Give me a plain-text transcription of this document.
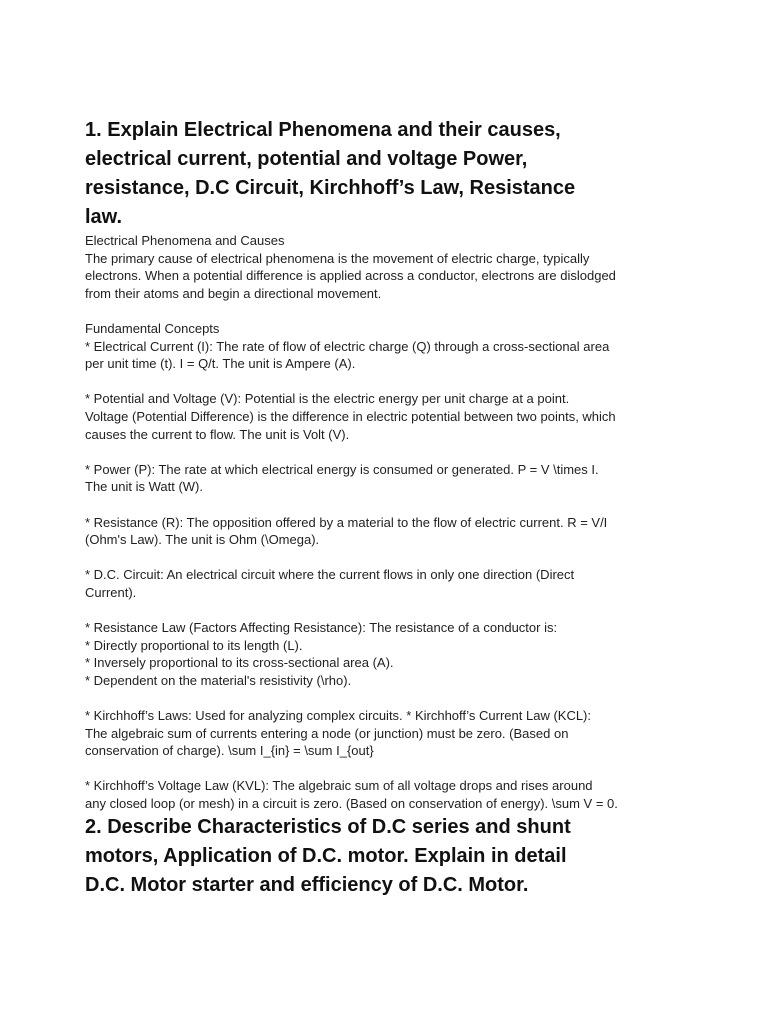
1. Explain Electrical Phenomena and their causes,
electrical current, potential and voltage Power,
resistance, D.C Circuit, Kirchhoff’s Law, Resistance
law.

Electrical Phenomena and Causes
The primary cause of electrical phenomena is the movement of electric charge, typically
electrons. When a potential difference is applied across a conductor, electrons are dislodged
from their atoms and begin a directional movement.

Fundamental Concepts
* Electrical Current (I): The rate of flow of electric charge (Q) through a cross-sectional area
per unit time (t). I = Q/t. The unit is Ampere (A).

* Potential and Voltage (V): Potential is the electric energy per unit charge at a point.
Voltage (Potential Difference) is the difference in electric potential between two points, which
causes the current to flow. The unit is Volt (V).

* Power (P): The rate at which electrical energy is consumed or generated. P = V \times I.
The unit is Watt (W).

* Resistance (R): The opposition offered by a material to the flow of electric current. R = V/I
(Ohm's Law). The unit is Ohm (\Omega).

* D.C. Circuit: An electrical circuit where the current flows in only one direction (Direct
Current).

* Resistance Law (Factors Affecting Resistance): The resistance of a conductor is:
* Directly proportional to its length (L).
* Inversely proportional to its cross-sectional area (A).
* Dependent on the material's resistivity (\rho).

* Kirchhoff’s Laws: Used for analyzing complex circuits. * Kirchhoff’s Current Law (KCL):
The algebraic sum of currents entering a node (or junction) must be zero. (Based on
conservation of charge). \sum I_{in} = \sum I_{out}

* Kirchhoff’s Voltage Law (KVL): The algebraic sum of all voltage drops and rises around
any closed loop (or mesh) in a circuit is zero. (Based on conservation of energy). \sum V = 0.

2. Describe Characteristics of D.C series and shunt
motors, Application of D.C. motor. Explain in detail
D.C. Motor starter and efficiency of D.C. Motor.
